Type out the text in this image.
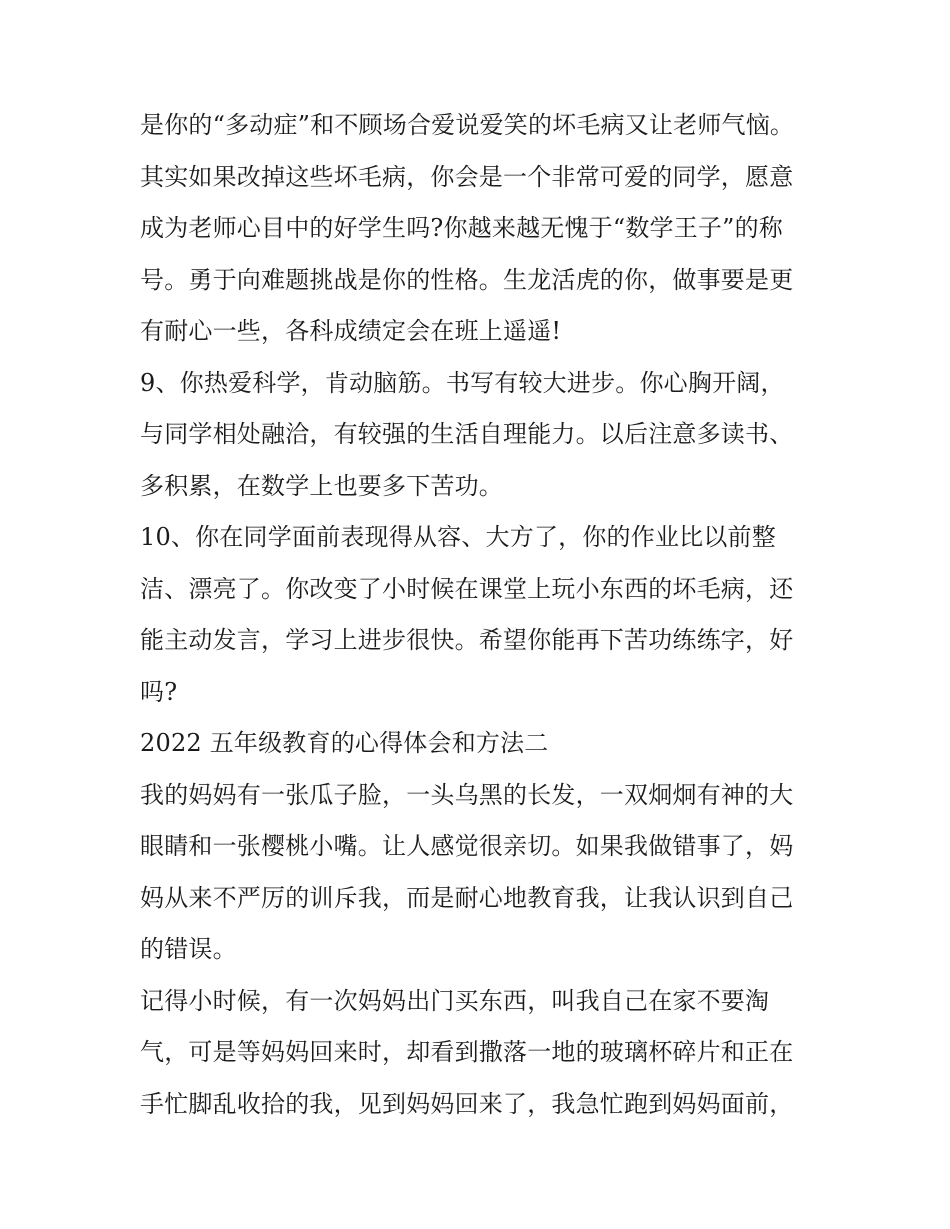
是你的“多动症”和不顾场合爱说爱笑的坏毛病又让老师气恼。
其实如果改掉这些坏毛病，你会是一个非常可爱的同学，愿意
成为老师心目中的好学生吗?你越来越无愧于“数学王子”的称
号。勇于向难题挑战是你的性格。生龙活虎的你，做事要是更
有耐心一些，各科成绩定会在班上遥遥!
9、你热爱科学，肯动脑筋。书写有较大进步。你心胸开阔，
与同学相处融洽，有较强的生活自理能力。以后注意多读书、
多积累，在数学上也要多下苦功。
10、你在同学面前表现得从容、大方了，你的作业比以前整
洁、漂亮了。你改变了小时候在课堂上玩小东西的坏毛病，还
能主动发言，学习上进步很快。希望你能再下苦功练练字，好
吗?
2022 五年级教育的心得体会和方法二
我的妈妈有一张瓜子脸，一头乌黑的长发，一双炯炯有神的大
眼睛和一张樱桃小嘴。让人感觉很亲切。如果我做错事了，妈
妈从来不严厉的训斥我，而是耐心地教育我，让我认识到自己
的错误。
记得小时候，有一次妈妈出门买东西，叫我自己在家不要淘
气，可是等妈妈回来时，却看到撒落一地的玻璃杯碎片和正在
手忙脚乱收拾的我，见到妈妈回来了，我急忙跑到妈妈面前，
